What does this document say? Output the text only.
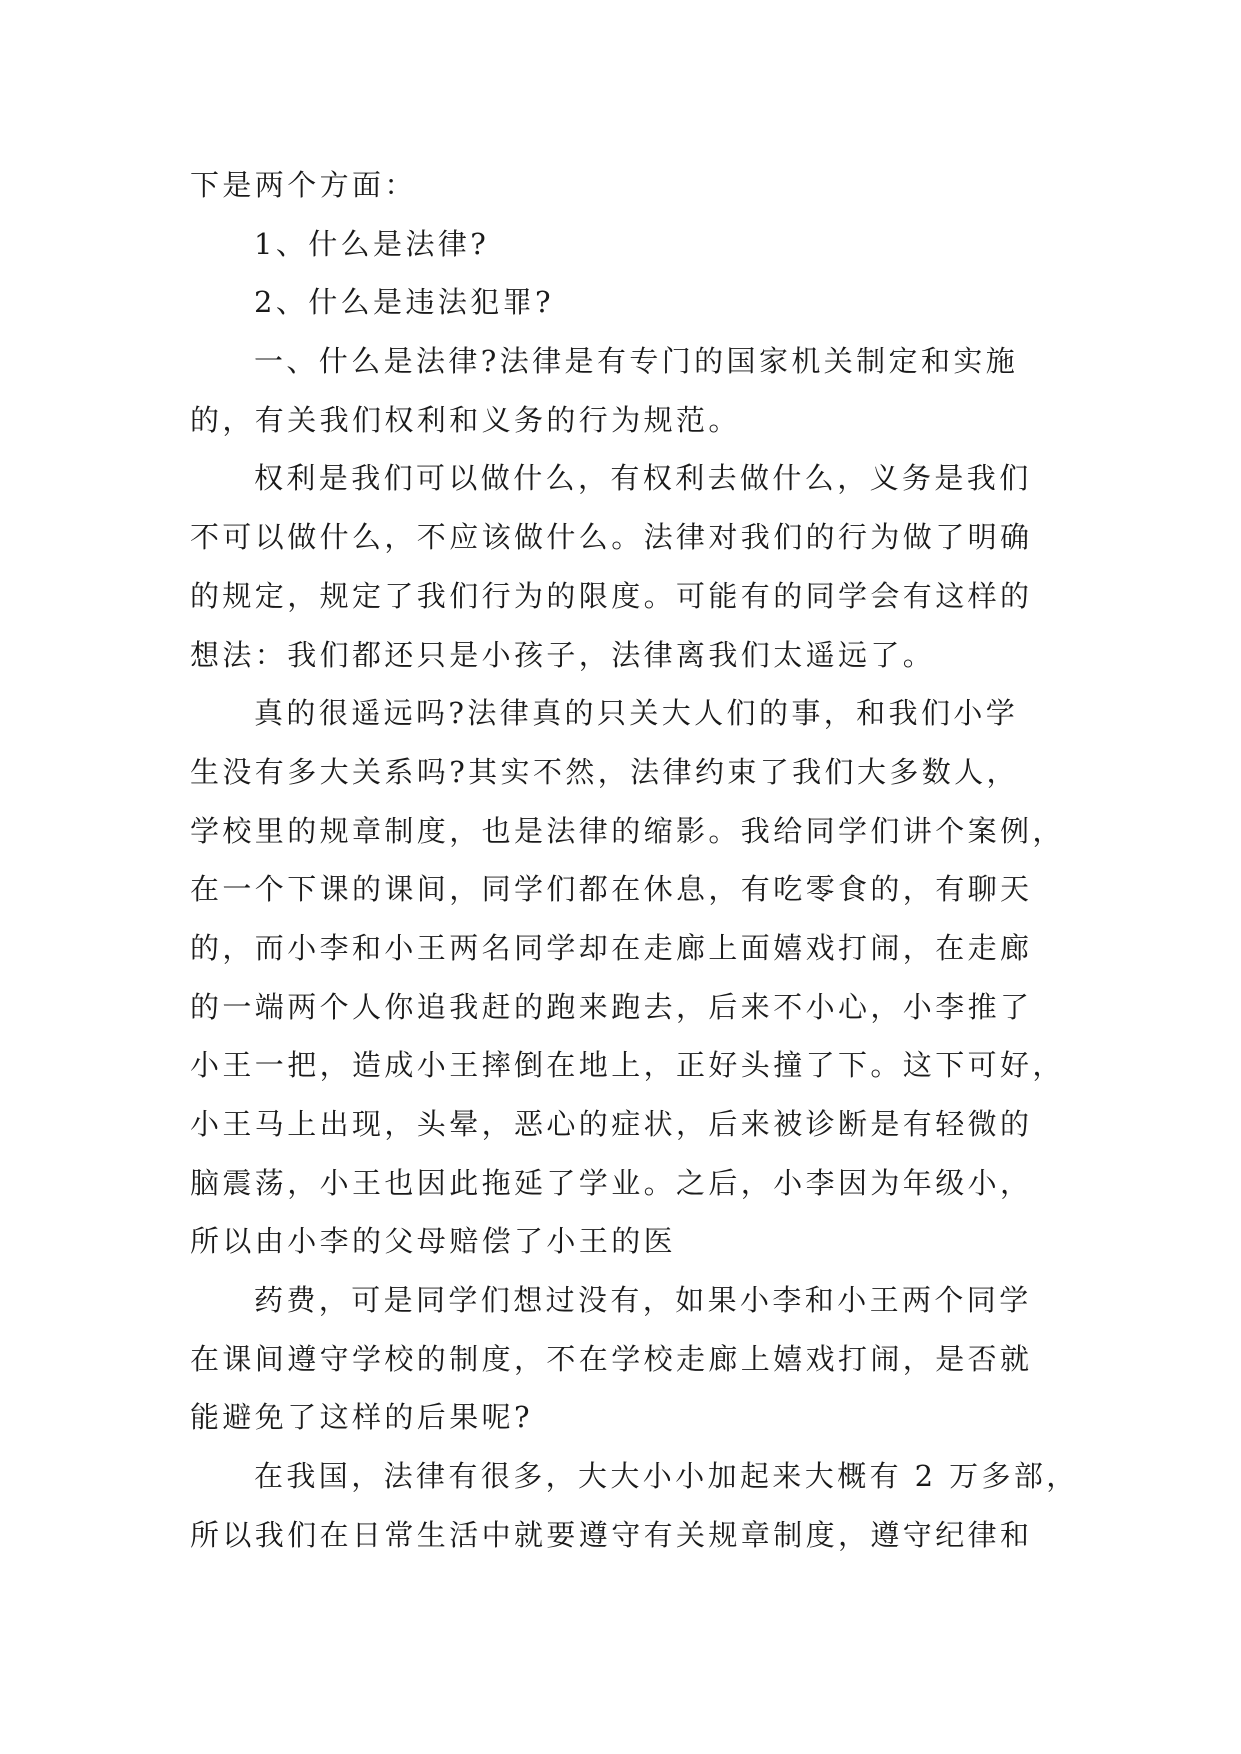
下是两个方面：
1、什么是法律?
2、什么是违法犯罪?
一、什么是法律?法律是有专门的国家机关制定和实施
的，有关我们权利和义务的行为规范。
权利是我们可以做什么，有权利去做什么，义务是我们
不可以做什么，不应该做什么。法律对我们的行为做了明确
的规定，规定了我们行为的限度。可能有的同学会有这样的
想法：我们都还只是小孩子，法律离我们太遥远了。
真的很遥远吗?法律真的只关大人们的事，和我们小学
生没有多大关系吗?其实不然，法律约束了我们大多数人，
学校里的规章制度，也是法律的缩影。我给同学们讲个案例，
在一个下课的课间，同学们都在休息，有吃零食的，有聊天
的，而小李和小王两名同学却在走廊上面嬉戏打闹，在走廊
的一端两个人你追我赶的跑来跑去，后来不小心，小李推了
小王一把，造成小王摔倒在地上，正好头撞了下。这下可好，
小王马上出现，头晕，恶心的症状，后来被诊断是有轻微的
脑震荡，小王也因此拖延了学业。之后，小李因为年级小，
所以由小李的父母赔偿了小王的医
药费，可是同学们想过没有，如果小李和小王两个同学
在课间遵守学校的制度，不在学校走廊上嬉戏打闹，是否就
能避免了这样的后果呢?
在我国，法律有很多，大大小小加起来大概有 2 万多部，
所以我们在日常生活中就要遵守有关规章制度，遵守纪律和
